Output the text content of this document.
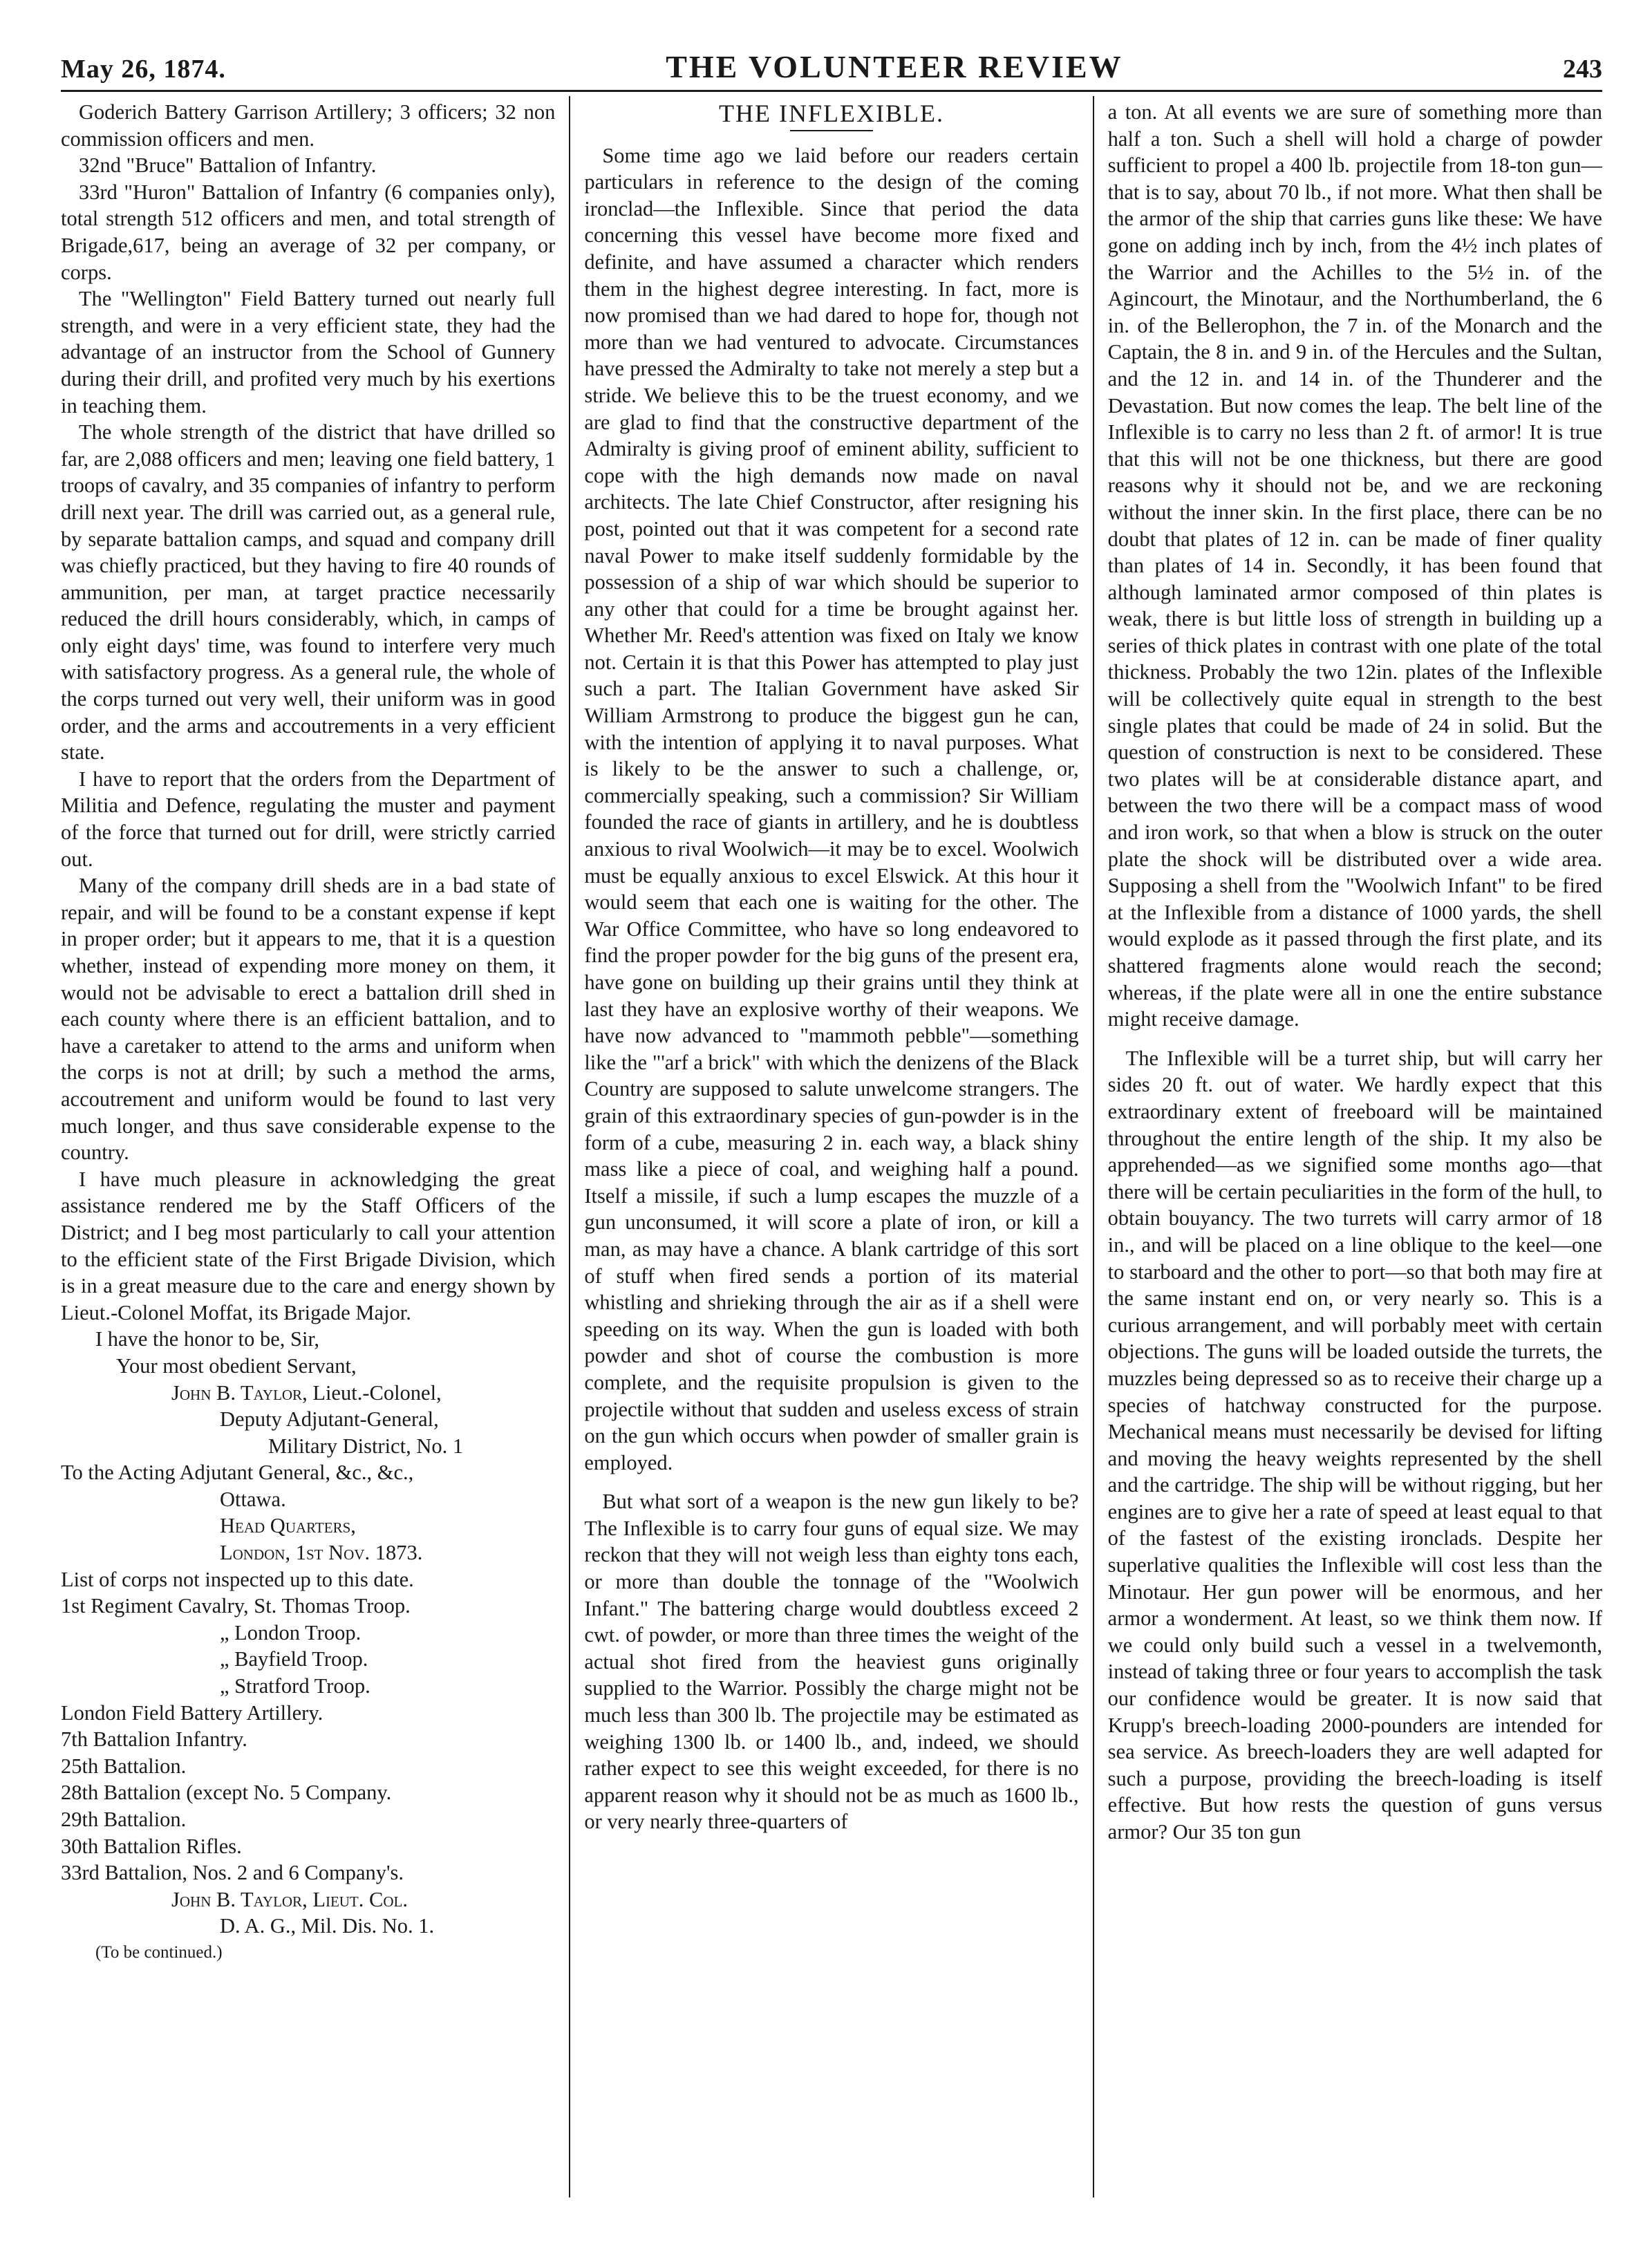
May 26, 1874.	THE VOLUNTEER REVIEW	243

Goderich Battery Garrison Artillery; 3 officers; 32 non commission officers and men.

32nd "Bruce" Battalion of Infantry.

33rd "Huron" Battalion of Infantry (6 companies only), total strength 512 officers and men, and total strength of Brigade,617, being an average of 32 per company, or corps.

The "Wellington" Field Battery turned out nearly full strength, and were in a very efficient state, they had the advantage of an instructor from the School of Gunnery during their drill, and profited very much by his exertions in teaching them.

The whole strength of the district that have drilled so far, are 2,088 officers and men; leaving one field battery, 1 troops of cavalry, and 35 companies of infantry to perform drill next year. The drill was carried out, as a general rule, by separate battalion camps, and squad and company drill was chiefly practiced, but they having to fire 40 rounds of ammunition, per man, at target practice necessarily reduced the drill hours considerably, which, in camps of only eight days' time, was found to interfere very much with satisfactory progress. As a general rule, the whole of the corps turned out very well, their uniform was in good order, and the arms and accoutrements in a very efficient state.

I have to report that the orders from the Department of Militia and Defence, regulating the muster and payment of the force that turned out for drill, were strictly carried out.

Many of the company drill sheds are in a bad state of repair, and will be found to be a constant expense if kept in proper order; but it appears to me, that it is a question whether, instead of expending more money on them, it would not be advisable to erect a battalion drill shed in each county where there is an efficient battalion, and to have a caretaker to attend to the arms and uniform when the corps is not at drill; by such a method the arms, accoutrement and uniform would be found to last very much longer, and thus save considerable expense to the country.

I have much pleasure in acknowledging the great assistance rendered me by the Staff Officers of the District; and I beg most particularly to call your attention to the efficient state of the First Brigade Division, which is in a great measure due to the care and energy shown by Lieut.-Colonel Moffat, its Brigade Major.

I have the honor to be, Sir,

Your most obedient Servant,

John B. Taylor, Lieut.-Colonel,

Deputy Adjutant-General,

Military District, No. 1

To the Acting Adjutant General, &c., &c.,

Ottawa.

Head Quarters,

London, 1st Nov. 1873.

List of corps not inspected up to this date.

1st Regiment Cavalry, St. Thomas Troop.

„ London Troop.

„ Bayfield Troop.

„ Stratford Troop.

London Field Battery Artillery.

7th Battalion Infantry.

25th Battalion.

28th Battalion (except No. 5 Company.

29th Battalion.

30th Battalion Rifles.

33rd Battalion, Nos. 2 and 6 Company's.

John B. Taylor, Lieut. Col.

D. A. G., Mil. Dis. No. 1.

(To be continued.)

THE INFLEXIBLE.

Some time ago we laid before our readers certain particulars in reference to the design of the coming ironclad—the Inflexible. Since that period the data concerning this vessel have become more fixed and definite, and have assumed a character which renders them in the highest degree interesting. In fact, more is now promised than we had dared to hope for, though not more than we had ventured to advocate. Circumstances have pressed the Admiralty to take not merely a step but a stride. We believe this to be the truest economy, and we are glad to find that the constructive department of the Admiralty is giving proof of eminent ability, sufficient to cope with the high demands now made on naval architects. The late Chief Constructor, after resigning his post, pointed out that it was competent for a second rate naval Power to make itself suddenly formidable by the possession of a ship of war which should be superior to any other that could for a time be brought against her. Whether Mr. Reed's attention was fixed on Italy we know not. Certain it is that this Power has attempted to play just such a part. The Italian Government have asked Sir William Armstrong to produce the biggest gun he can, with the intention of applying it to naval purposes. What is likely to be the answer to such a challenge, or, commercially speaking, such a commission? Sir William founded the race of giants in artillery, and he is doubtless anxious to rival Woolwich—it may be to excel. Woolwich must be equally anxious to excel Elswick. At this hour it would seem that each one is waiting for the other. The War Office Committee, who have so long endeavored to find the proper powder for the big guns of the present era, have gone on building up their grains until they think at last they have an explosive worthy of their weapons. We have now advanced to "mammoth pebble"—something like the "'arf a brick" with which the denizens of the Black Country are supposed to salute unwelcome strangers. The grain of this extraordinary species of gun-powder is in the form of a cube, measuring 2 in. each way, a black shiny mass like a piece of coal, and weighing half a pound. Itself a missile, if such a lump escapes the muzzle of a gun unconsumed, it will score a plate of iron, or kill a man, as may have a chance. A blank cartridge of this sort of stuff when fired sends a portion of its material whistling and shrieking through the air as if a shell were speeding on its way. When the gun is loaded with both powder and shot of course the combustion is more complete, and the requisite propulsion is given to the projectile without that sudden and useless excess of strain on the gun which occurs when powder of smaller grain is employed.

But what sort of a weapon is the new gun likely to be? The Inflexible is to carry four guns of equal size. We may reckon that they will not weigh less than eighty tons each, or more than double the tonnage of the "Woolwich Infant." The battering charge would doubtless exceed 2 cwt. of powder, or more than three times the weight of the actual shot fired from the heaviest guns originally supplied to the Warrior. Possibly the charge might not be much less than 300 lb. The projectile may be estimated as weighing 1300 lb. or 1400 lb., and, indeed, we should rather expect to see this weight exceeded, for there is no apparent reason why it should not be as much as 1600 lb., or very nearly three-quarters of

a ton. At all events we are sure of something more than half a ton. Such a shell will hold a charge of powder sufficient to propel a 400 lb. projectile from 18-ton gun—that is to say, about 70 lb., if not more. What then shall be the armor of the ship that carries guns like these: We have gone on adding inch by inch, from the 4½ inch plates of the Warrior and the Achilles to the 5½ in. of the Agincourt, the Minotaur, and the Northumberland, the 6 in. of the Bellerophon, the 7 in. of the Monarch and the Captain, the 8 in. and 9 in. of the Hercules and the Sultan, and the 12 in. and 14 in. of the Thunderer and the Devastation. But now comes the leap. The belt line of the Inflexible is to carry no less than 2 ft. of armor! It is true that this will not be one thickness, but there are good reasons why it should not be, and we are reckoning without the inner skin. In the first place, there can be no doubt that plates of 12 in. can be made of finer quality than plates of 14 in. Secondly, it has been found that although laminated armor composed of thin plates is weak, there is but little loss of strength in building up a series of thick plates in contrast with one plate of the total thickness. Probably the two 12in. plates of the Inflexible will be collectively quite equal in strength to the best single plates that could be made of 24 in solid. But the question of construction is next to be considered. These two plates will be at considerable distance apart, and between the two there will be a compact mass of wood and iron work, so that when a blow is struck on the outer plate the shock will be distributed over a wide area. Supposing a shell from the "Woolwich Infant" to be fired at the Inflexible from a distance of 1000 yards, the shell would explode as it passed through the first plate, and its shattered fragments alone would reach the second; whereas, if the plate were all in one the entire substance might receive damage.

The Inflexible will be a turret ship, but will carry her sides 20 ft. out of water. We hardly expect that this extraordinary extent of freeboard will be maintained throughout the entire length of the ship. It my also be apprehended—as we signified some months ago—that there will be certain peculiarities in the form of the hull, to obtain bouyancy. The two turrets will carry armor of 18 in., and will be placed on a line oblique to the keel—one to starboard and the other to port—so that both may fire at the same instant end on, or very nearly so. This is a curious arrangement, and will porbably meet with certain objections. The guns will be loaded outside the turrets, the muzzles being depressed so as to receive their charge up a species of hatchway constructed for the purpose. Mechanical means must necessarily be devised for lifting and moving the heavy weights represented by the shell and the cartridge. The ship will be without rigging, but her engines are to give her a rate of speed at least equal to that of the fastest of the existing ironclads. Despite her superlative qualities the Inflexible will cost less than the Minotaur. Her gun power will be enormous, and her armor a wonderment. At least, so we think them now. If we could only build such a vessel in a twelvemonth, instead of taking three or four years to accomplish the task our confidence would be greater. It is now said that Krupp's breech-loading 2000-pounders are intended for sea service. As breech-loaders they are well adapted for such a purpose, providing the breech-loading is itself effective. But how rests the question of guns versus armor? Our 35 ton gun
